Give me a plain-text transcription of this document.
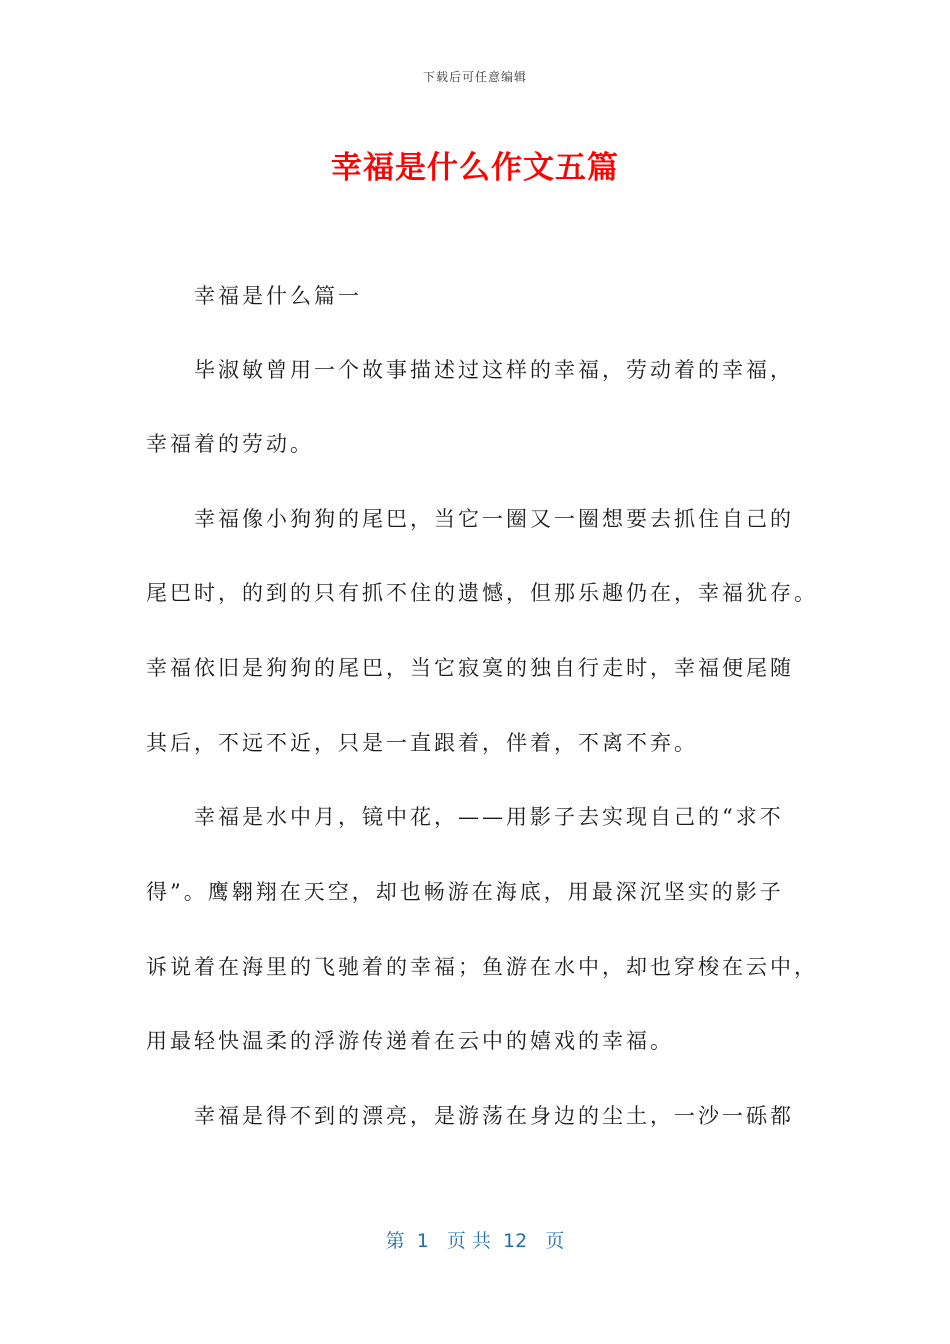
下载后可任意编辑
幸福是什么作文五篇
幸福是什么篇一
毕淑敏曾用一个故事描述过这样的幸福，劳动着的幸福，
幸福着的劳动。
幸福像小狗狗的尾巴，当它一圈又一圈想要去抓住自己的
尾巴时，的到的只有抓不住的遗憾，但那乐趣仍在，幸福犹存。
幸福依旧是狗狗的尾巴，当它寂寞的独自行走时，幸福便尾随
其后，不远不近，只是一直跟着，伴着，不离不弃。
幸福是水中月，镜中花，——用影子去实现自己的“求不
得”。鹰翱翔在天空，却也畅游在海底，用最深沉坚实的影子
诉说着在海里的飞驰着的幸福；鱼游在水中，却也穿梭在云中，
用最轻快温柔的浮游传递着在云中的嬉戏的幸福。
幸福是得不到的漂亮，是游荡在身边的尘土，一沙一砾都
第  1   页 共  12   页
